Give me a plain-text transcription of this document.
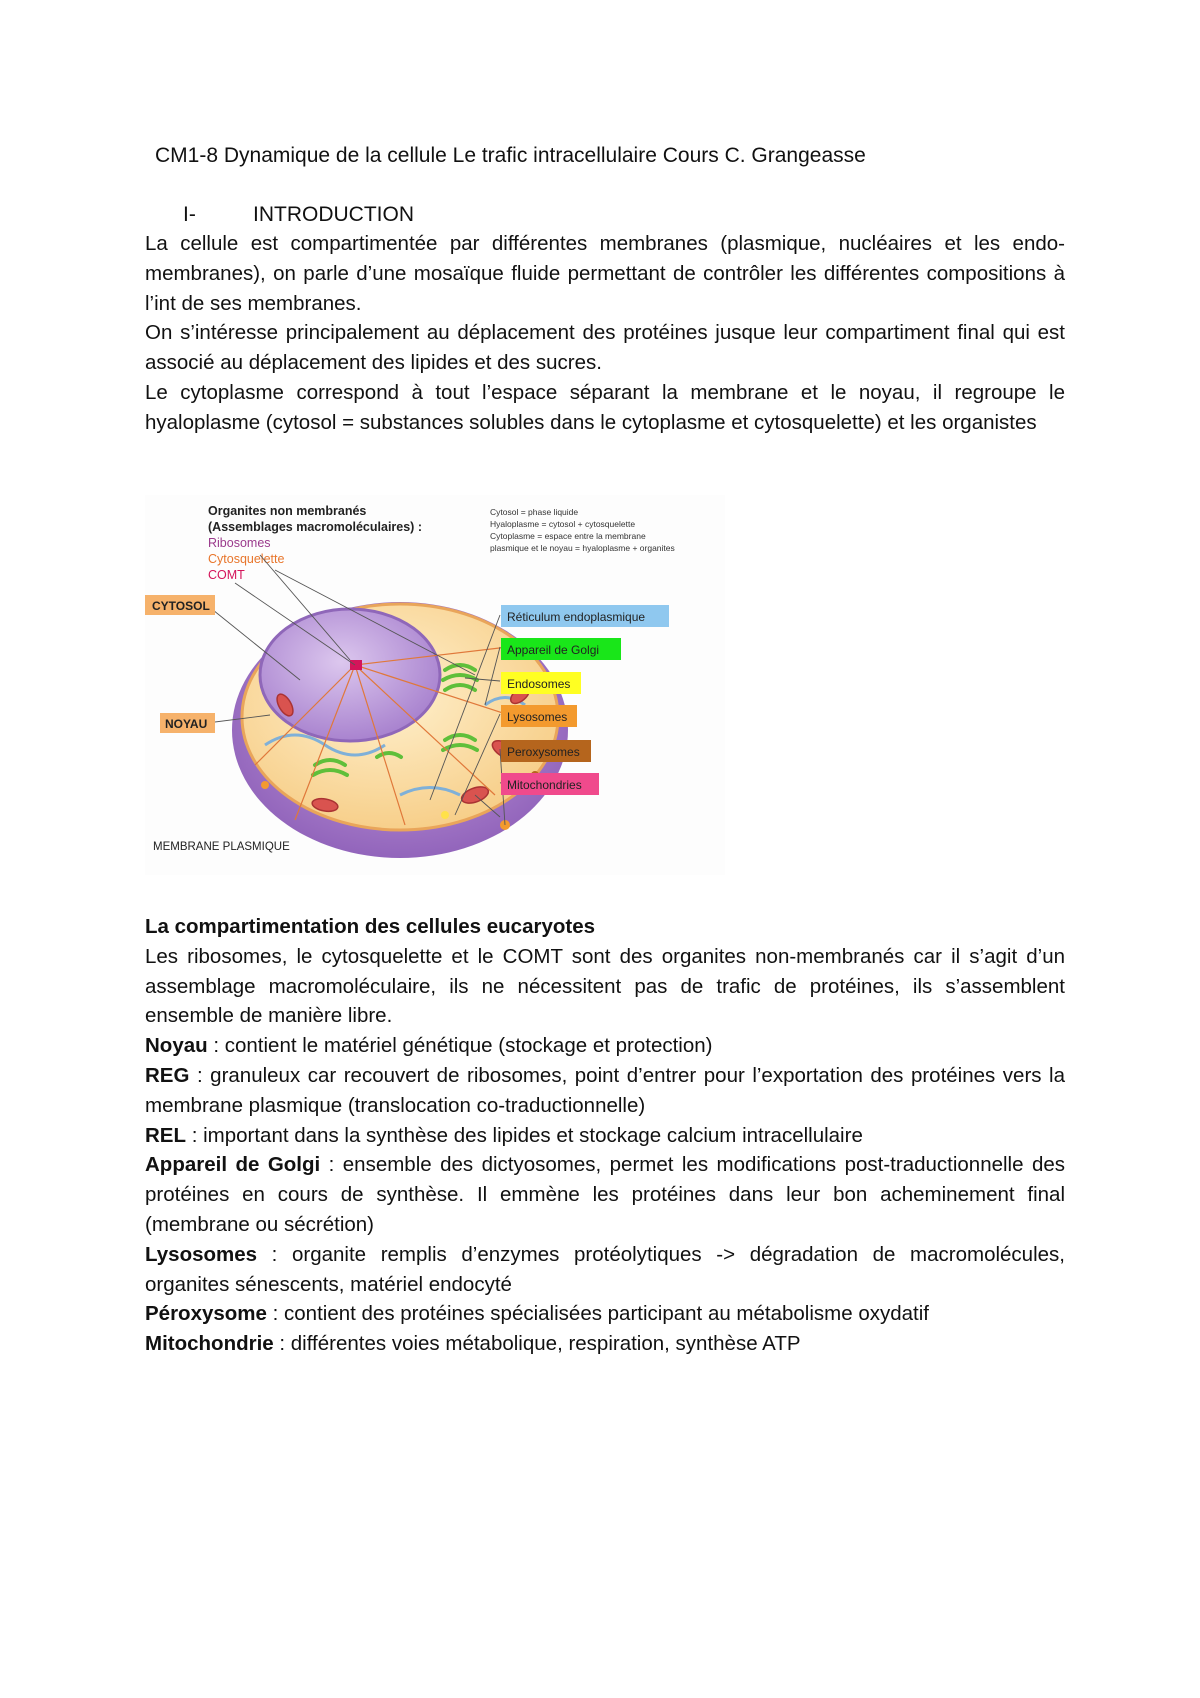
CM1-8 Dynamique de la cellule Le trafic intracellulaire Cours C. Grangeasse
I-	INTRODUCTION

La cellule est compartimentée par différentes membranes (plasmique, nucléaires et les endo-membranes), on parle d’une mosaïque fluide permettant de contrôler les différentes compositions à l’int de ses membranes.

On s’intéresse principalement au déplacement des protéines jusque leur compartiment final qui est associé au déplacement des lipides et des sucres.

Le cytoplasme correspond à tout l’espace séparant la membrane et le noyau, il regroupe le hyaloplasme (cytosol = substances solubles dans le cytoplasme et cytosquelette) et les organistes

Organites non membranés
(Assemblages macromoléculaires) :
Ribosomes
Cytosquelette
COMT
Cytosol = phase liquide
Hyaloplasme = cytosol + cytosquelette
Cytoplasme = espace entre la membrane
plasmique et le noyau = hyaloplasme + organites
CYTOSOL
NOYAU
MEMBRANE PLASMIQUE
Réticulum endoplasmique
Appareil de Golgi
Endosomes
Lysosomes
Peroxysomes
Mitochondries

La compartimentation des cellules eucaryotes

Les ribosomes, le cytosquelette et le COMT sont des organites non-membranés car il s’agit d’un assemblage macromoléculaire, ils ne nécessitent pas de trafic de protéines, ils s’assemblent ensemble de manière libre.

Noyau : contient le matériel génétique (stockage et protection)

REG : granuleux car recouvert de ribosomes, point d’entrer pour l’exportation des protéines vers la membrane plasmique (translocation co-traductionnelle)

REL : important dans la synthèse des lipides et stockage calcium intracellulaire

Appareil de Golgi : ensemble des dictyosomes, permet les modifications post-traductionnelle des protéines en cours de synthèse. Il emmène les protéines dans leur bon acheminement final (membrane ou sécrétion)

Lysosomes : organite remplis d’enzymes protéolytiques -> dégradation de macromolécules, organites sénescents, matériel endocyté

Péroxysome : contient des protéines spécialisées participant au métabolisme oxydatif

Mitochondrie : différentes voies métabolique, respiration, synthèse ATP
